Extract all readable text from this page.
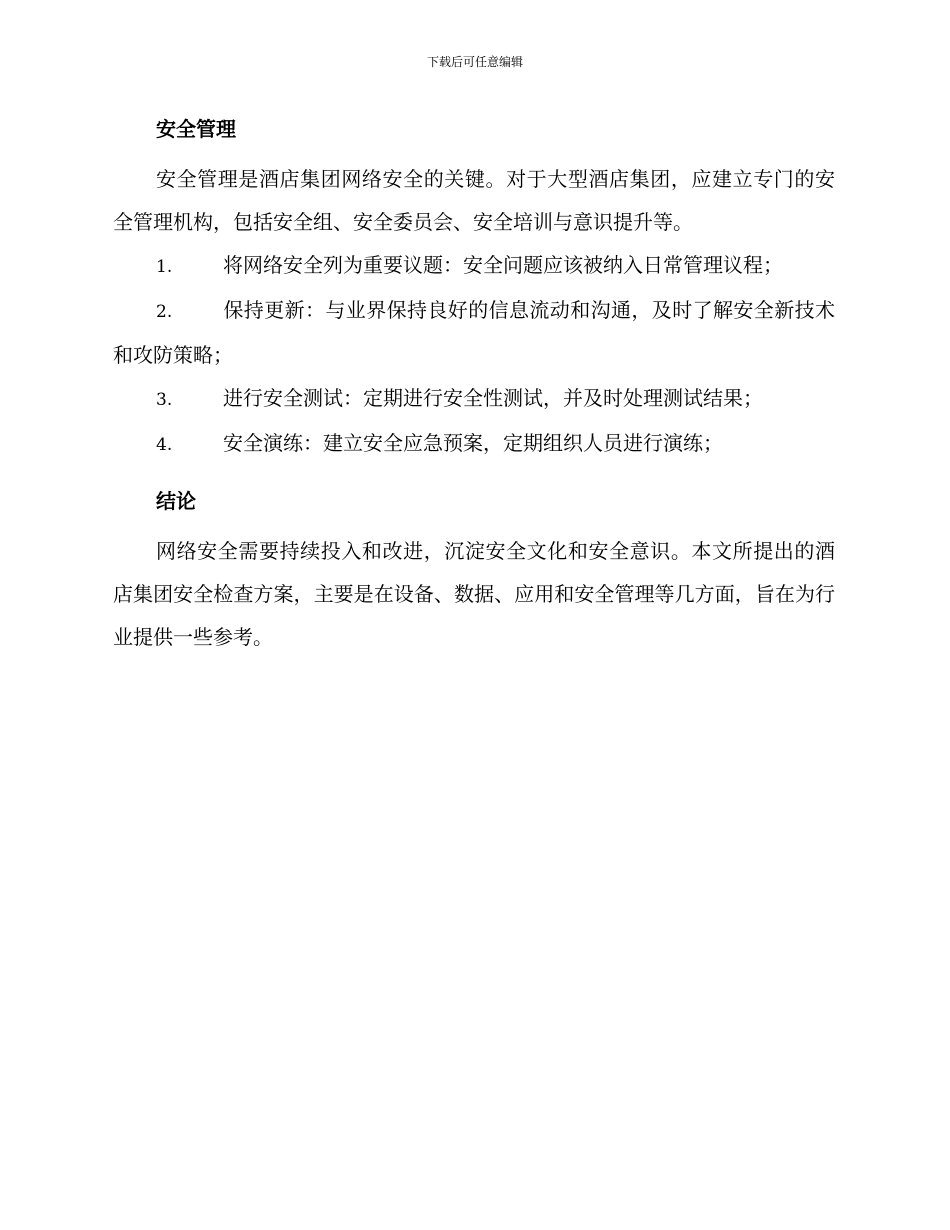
下载后可任意编辑
安全管理

安全管理是酒店集团网络安全的关键。对于大型酒店集团，应建立专门的安全管理机构，包括安全组、安全委员会、安全培训与意识提升等。

1.	将网络安全列为重要议题：安全问题应该被纳入日常管理议程；

2.	保持更新：与业界保持良好的信息流动和沟通，及时了解安全新技术和攻防策略；

3.	进行安全测试：定期进行安全性测试，并及时处理测试结果；

4.	安全演练：建立安全应急预案，定期组织人员进行演练；

结论

网络安全需要持续投入和改进，沉淀安全文化和安全意识。本文所提出的酒店集团安全检查方案，主要是在设备、数据、应用和安全管理等几方面，旨在为行业提供一些参考。
